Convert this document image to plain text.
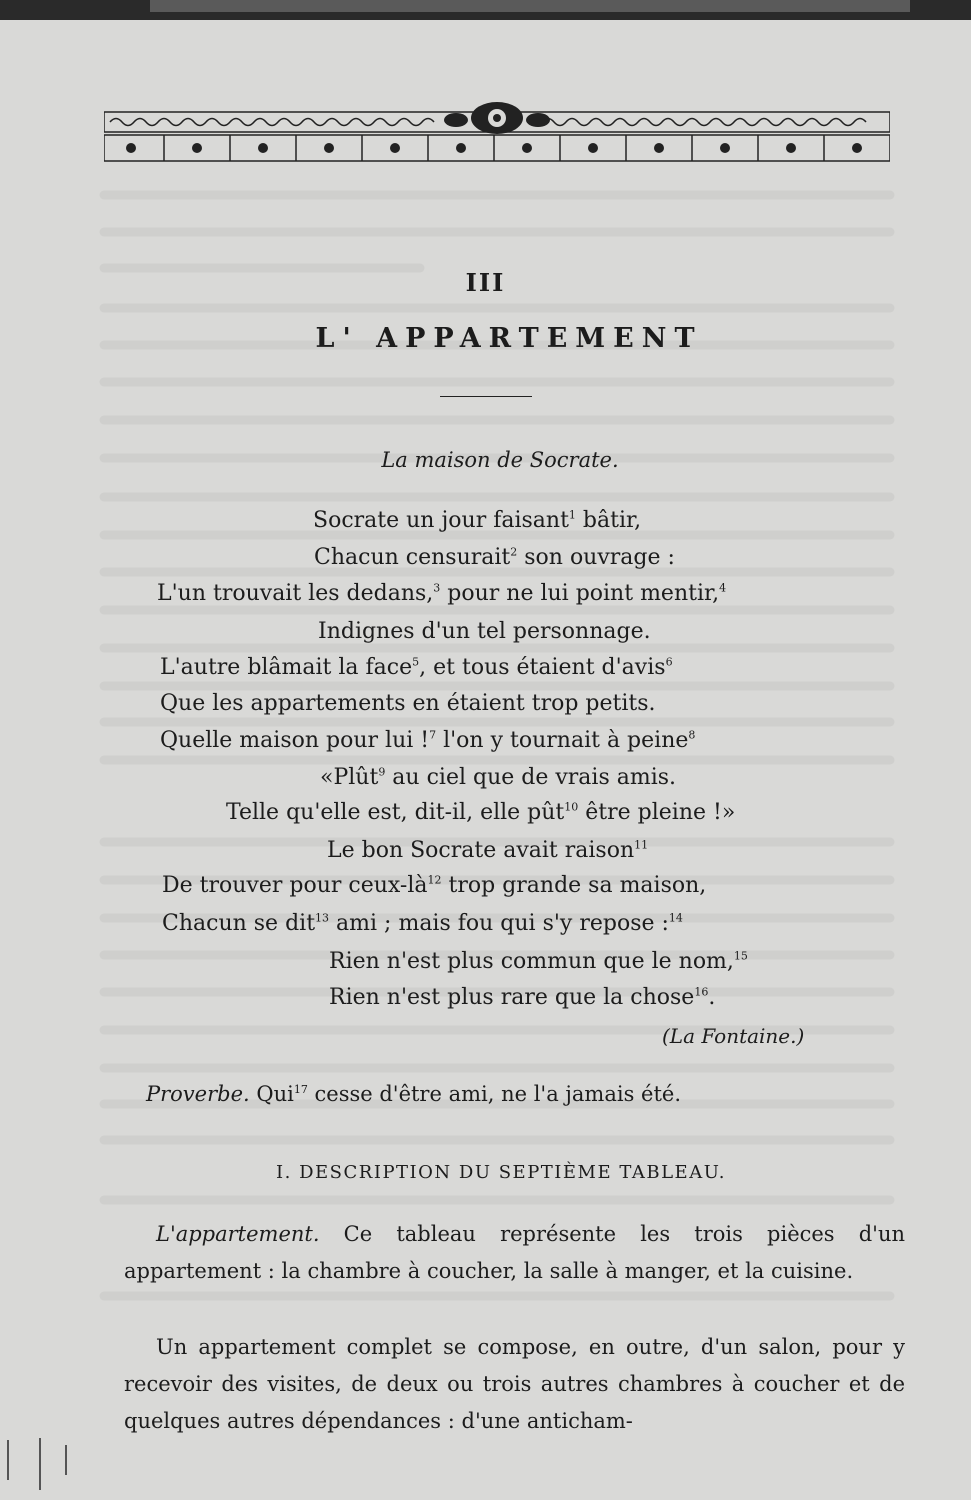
III
L' APPARTEMENT
La maison de Socrate.
Socrate un jour faisant$^1$ bâtir,
Chacun censurait$^2$ son ouvrage :
L'un trouvait les dedans,$^3$ pour ne lui point mentir,$^4$
Indignes d'un tel personnage.
L'autre blâmait la face$^5$, et tous étaient d'avis$^6$
Que les appartements en étaient trop petits.
Quelle maison pour lui !$^7$ l'on y tournait à peine$^8$
«Plût$^9$ au ciel que de vrais amis.
Telle qu'elle est, dit-il, elle pût$^{10}$ être pleine !»
Le bon Socrate avait raison$^{11}$
De trouver pour ceux-$là^{12}$ trop grande sa maison,
Chacun se dit$^{13}$ ami ; mais fou qui s'y repose :$^{14}$
Rien n'est plus commun que le nom,$^{15}$
Rien n'est plus rare que la chose$^{16}$.
(La Fontaine.)
Proverbe. Qui$^{17}$ cesse d'être ami, ne l'a jamais été.
I. DESCRIPTION DU SEPTIÈME TABLEAU.
L'appartement. Ce tableau représente les trois pièces d'un appartement : la chambre à coucher, la salle à manger, et la cuisine.
Un appartement complet se compose, en outre, d'un salon, pour y recevoir des visites, de deux ou trois autres chambres à coucher et de quelques autres dépendances : d'une anticham-
